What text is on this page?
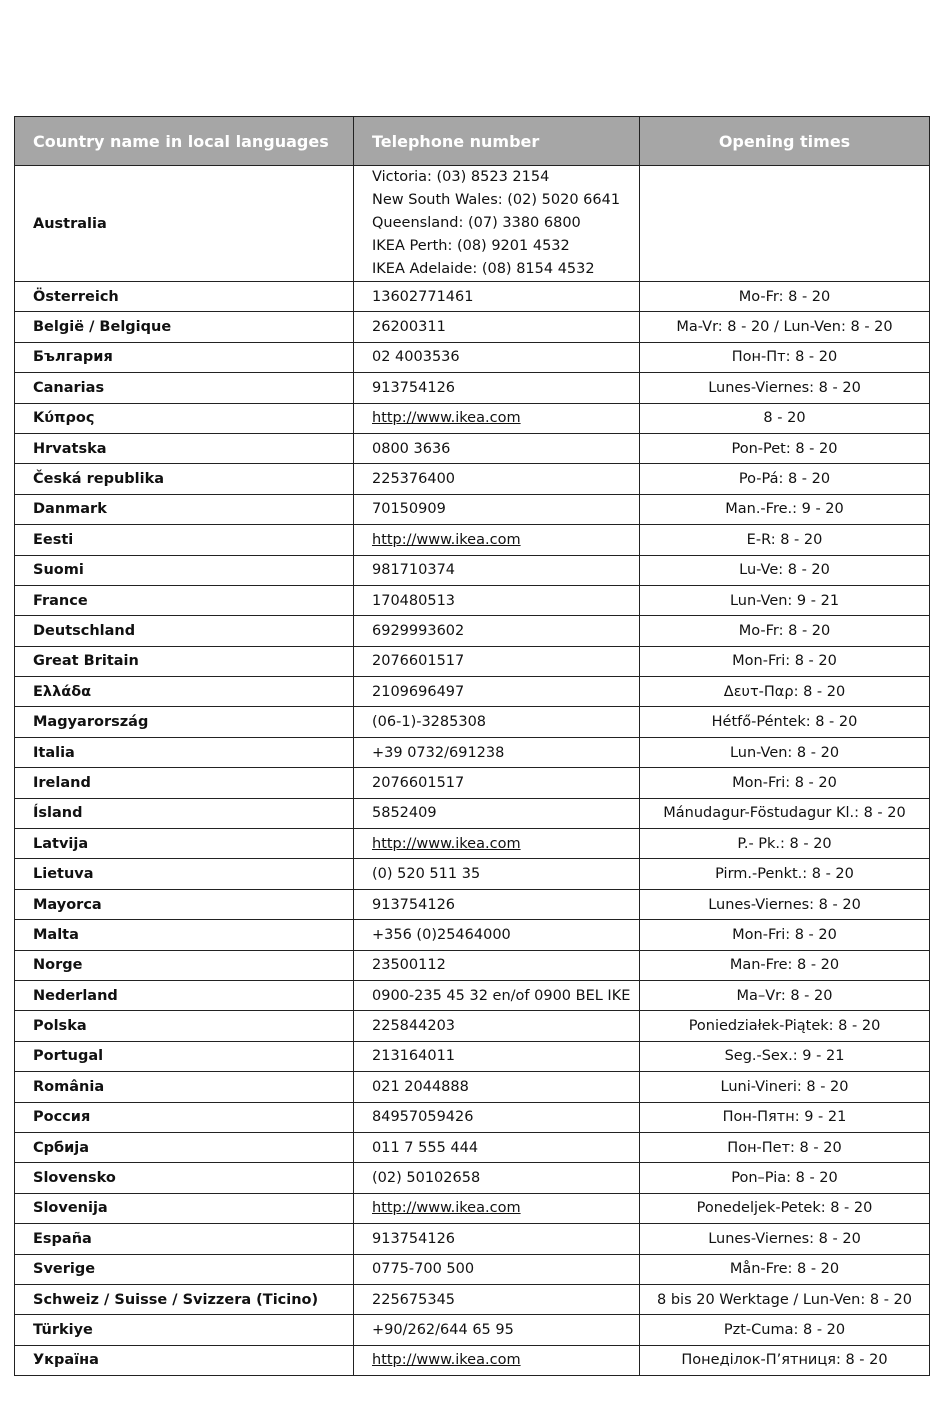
Country name in local languages	Telephone number	Opening times
Australia	Victoria: (03) 8523 2154
New South Wales: (02) 5020 6641
Queensland: (07) 3380 6800
IKEA Perth: (08) 9201 4532
IKEA Adelaide: (08) 8154 4532	

Österreich	13602771461	Mo-Fr: 8 - 20
België / Belgique	26200311	Ma-Vr: 8 - 20 / Lun-Ven: 8 - 20
България	02 4003536	Пон-Пт: 8 - 20
Canarias	913754126	Lunes-Viernes: 8 - 20
Κύπρος	http://www.ikea.com	8 - 20
Hrvatska	0800 3636	Pon-Pet: 8 - 20
Česká republika	225376400	Po-Pá: 8 - 20
Danmark	70150909	Man.-Fre.: 9 - 20
Eesti	http://www.ikea.com	E-R: 8 - 20
Suomi	981710374	Lu-Ve: 8 - 20
France	170480513	Lun-Ven: 9 - 21
Deutschland	6929993602	Mo-Fr: 8 - 20
Great Britain	2076601517	Mon-Fri: 8 - 20
Ελλάδα	2109696497	Δευτ-Παρ: 8 - 20
Magyarország	(06-1)-3285308	Hétfő-Péntek: 8 - 20
Italia	+39 0732/691238	Lun-Ven: 8 - 20
Ireland	2076601517	Mon-Fri: 8 - 20
Ísland	5852409	Mánudagur-Föstudagur Kl.: 8 - 20
Latvija	http://www.ikea.com	P.- Pk.: 8 - 20
Lietuva	(0) 520 511 35	Pirm.-Penkt.: 8 - 20
Mayorca	913754126	Lunes-Viernes: 8 - 20
Malta	+356 (0)25464000	Mon-Fri: 8 - 20
Norge	23500112	Man-Fre: 8 - 20
Nederland	0900-235 45 32 en/of 0900 BEL IKE	Ma–Vr: 8 - 20
Polska	225844203	Poniedziałek-Piątek: 8 - 20
Portugal	213164011	Seg.-Sex.: 9 - 21
România	021 2044888	Luni-Vineri: 8 - 20
Россия	84957059426	Пон-Пятн: 9 - 21
Србија	011 7 555 444	Пон-Пет: 8 - 20
Slovensko	(02) 50102658	Pon–Pia: 8 - 20
Slovenija	http://www.ikea.com	Ponedeljek-Petek: 8 - 20
España	913754126	Lunes-Viernes: 8 - 20
Sverige	0775-700 500	Mån-Fre: 8 - 20
Schweiz / Suisse / Svizzera (Ticino)	225675345	8 bis 20 Werktage / Lun-Ven: 8 - 20
Türkiye	+90/262/644 65 95	Pzt-Cuma: 8 - 20
Україна	http://www.ikea.com	Понеділок-П’ятниця: 8 - 20
